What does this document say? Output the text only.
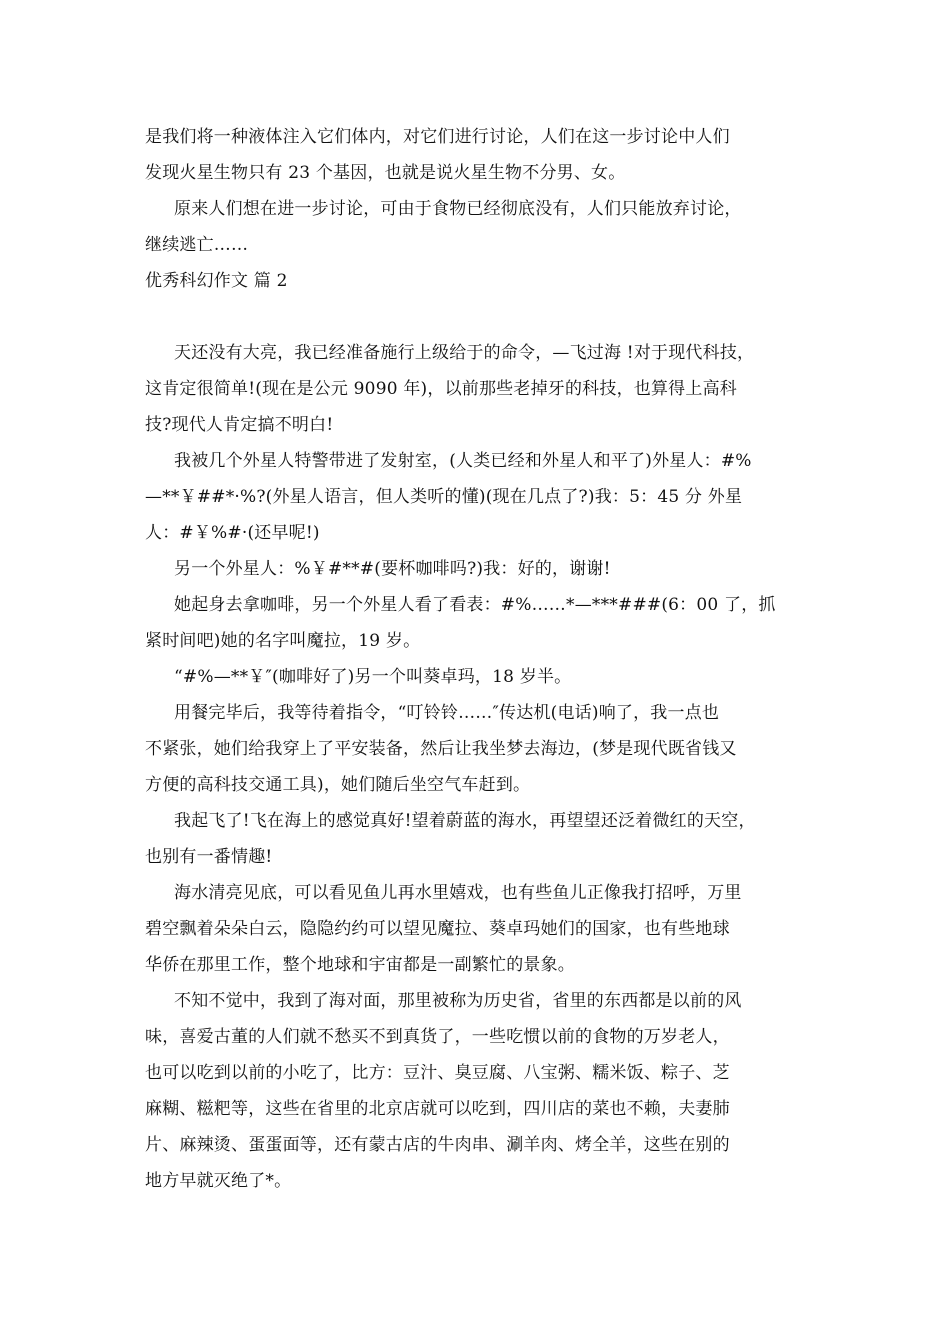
是我们将一种液体注入它们体内，对它们进行讨论，人们在这一步讨论中人们
发现火星生物只有 23 个基因，也就是说火星生物不分男、女。
原来人们想在进一步讨论，可由于食物已经彻底没有，人们只能放弃讨论，
继续逃亡……
优秀科幻作文 篇 2
天还没有大亮，我已经准备施行上级给于的命令，—飞过海 !对于现代科技，
这肯定很简单!(现在是公元 9090 年)，以前那些老掉牙的科技，也算得上高科
技?现代人肯定搞不明白!
我被几个外星人特警带进了发射室，(人类已经和外星人和平了)外星人：#%
—**￥##*·%?(外星人语言，但人类听的懂)(现在几点了?)我：5：45 分 外星
人：#￥%#·(还早呢!)
另一个外星人：%￥#**#(要杯咖啡吗?)我：好的，谢谢!
她起身去拿咖啡，另一个外星人看了看表：#%……*—***###(6：00 了，抓
紧时间吧)她的名字叫魔拉，19 岁。
“#%—**￥″(咖啡好了)另一个叫葵卓玛，18 岁半。
用餐完毕后，我等待着指令，“叮铃铃……″传达机(电话)响了，我一点也
不紧张，她们给我穿上了平安装备，然后让我坐梦去海边，(梦是现代既省钱又
方便的高科技交通工具)，她们随后坐空气车赶到。
我起飞了!飞在海上的感觉真好!望着蔚蓝的海水，再望望还泛着微红的天空，
也别有一番情趣!
海水清亮见底，可以看见鱼儿再水里嬉戏，也有些鱼儿正像我打招呼，万里
碧空飘着朵朵白云，隐隐约约可以望见魔拉、葵卓玛她们的国家，也有些地球
华侨在那里工作，整个地球和宇宙都是一副繁忙的景象。
不知不觉中，我到了海对面，那里被称为历史省，省里的东西都是以前的风
味，喜爱古董的人们就不愁买不到真货了，一些吃惯以前的食物的万岁老人，
也可以吃到以前的小吃了，比方：豆汁、臭豆腐、八宝粥、糯米饭、粽子、芝
麻糊、糍粑等，这些在省里的北京店就可以吃到，四川店的菜也不赖，夫妻肺
片、麻辣烫、蛋蛋面等，还有蒙古店的牛肉串、涮羊肉、烤全羊，这些在别的
地方早就灭绝了*。
